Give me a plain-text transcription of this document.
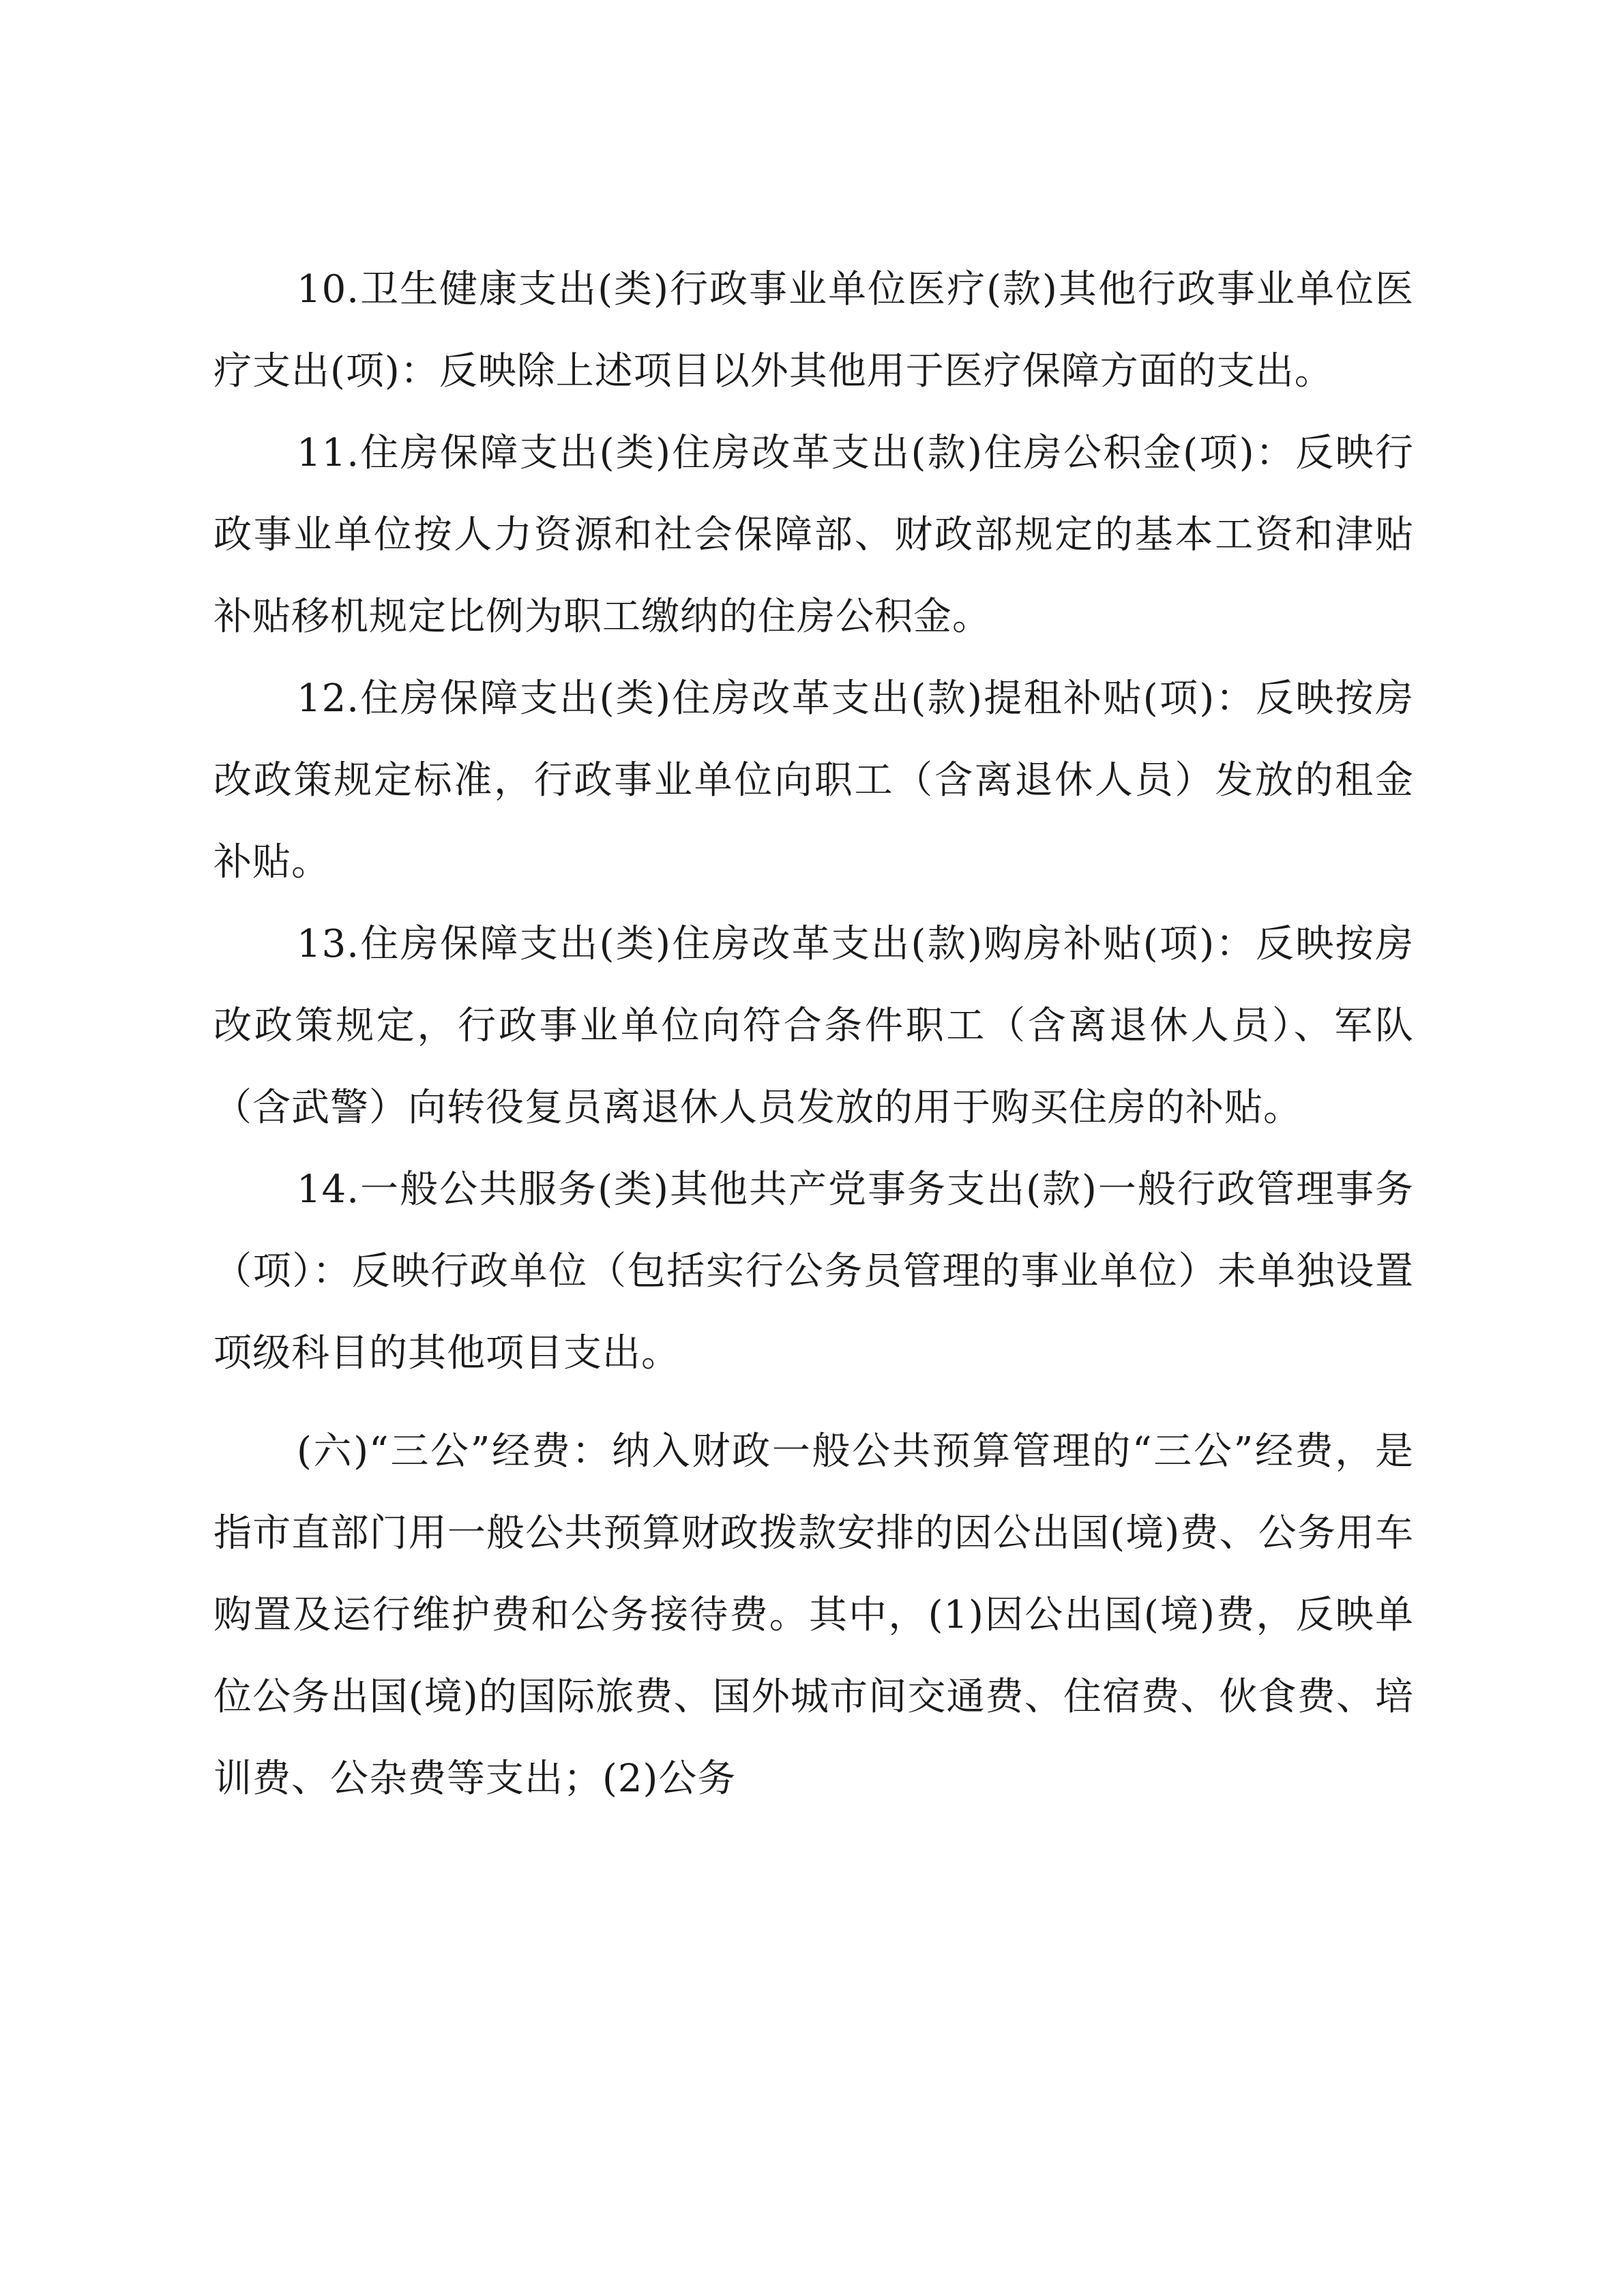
10.卫生健康支出(类)行政事业单位医疗(款)其他行政事业单位医疗支出(项)：反映除上述项目以外其他用于医疗保障方面的支出。

11.住房保障支出(类)住房改革支出(款)住房公积金(项)：反映行政事业单位按人力资源和社会保障部、财政部规定的基本工资和津贴补贴移机规定比例为职工缴纳的住房公积金。

12.住房保障支出(类)住房改革支出(款)提租补贴(项)：反映按房改政策规定标准，行政事业单位向职工（含离退休人员）发放的租金补贴。

13.住房保障支出(类)住房改革支出(款)购房补贴(项)：反映按房改政策规定，行政事业单位向符合条件职工（含离退休人员）、军队（含武警）向转役复员离退休人员发放的用于购买住房的补贴。

14.一般公共服务(类)其他共产党事务支出(款)一般行政管理事务（项）：反映行政单位（包括实行公务员管理的事业单位）未单独设置项级科目的其他项目支出。

(六)“三公”经费：纳入财政一般公共预算管理的“三公”经费，是指市直部门用一般公共预算财政拨款安排的因公出国(境)费、公务用车购置及运行维护费和公务接待费。其中，(1)因公出国(境)费，反映单位公务出国(境)的国际旅费、国外城市间交通费、住宿费、伙食费、培训费、公杂费等支出；(2)公务
